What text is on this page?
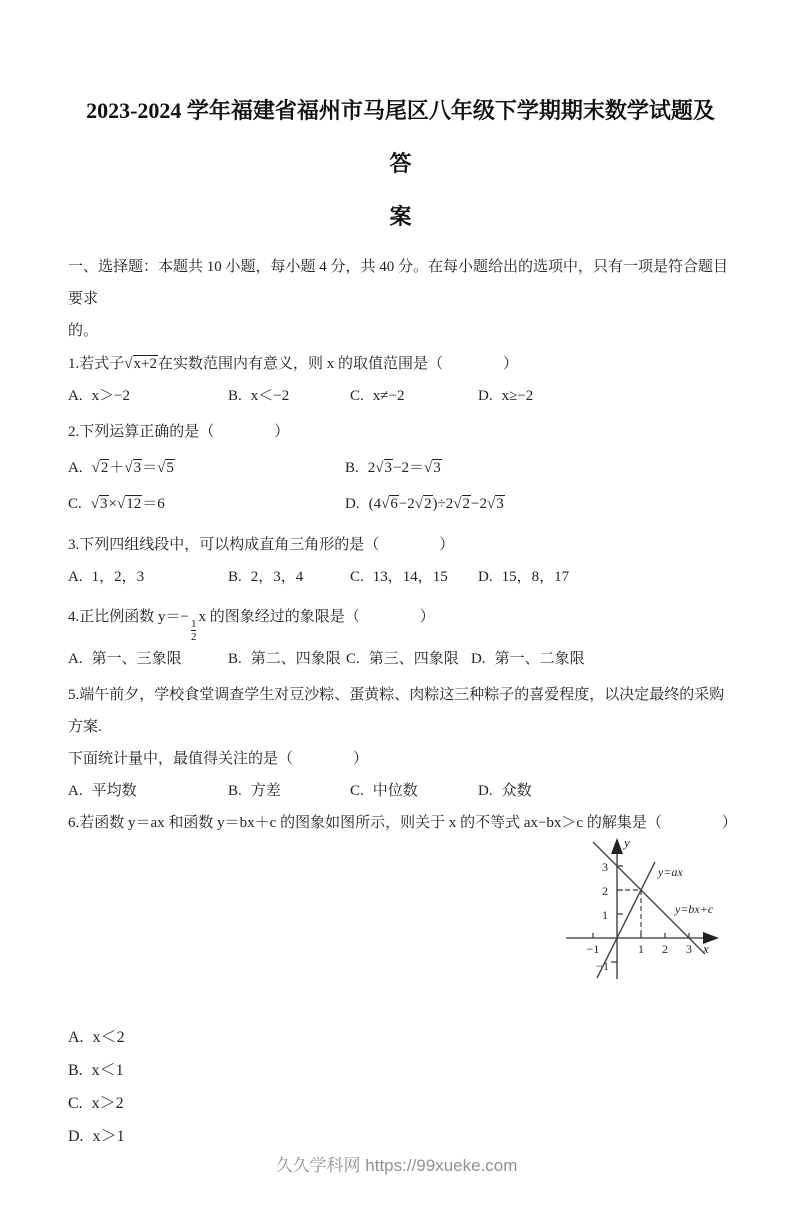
2023-2024 学年福建省福州市马尾区八年级下学期期末数学试题及答
案
一、选择题：本题共 10 小题，每小题 4 分，共 40 分。在每小题给出的选项中，只有一项是符合题目要求
的。
1.若式子√x+2在实数范围内有意义，则 x 的取值范围是（　　　　）
A. x＞−2	B. x＜−2	C. x≠−2	D. x≥−2
2.下列运算正确的是（　　　　）
A. √2＋√3＝√5	B. 2√3−2＝√3
C. √3×√12＝6	D. (4√6−2√2)÷2√2−2√3
3.下列四组线段中，可以构成直角三角形的是（　　　　）
A. 1，2，3	B. 2，3，4	C. 13，14，15	D. 15，8，17
4.正比例函数 y＝−
$\frac{1}{2}$
x 的图象经过的象限是（　　　　）
A. 第一、三象限	B. 第二、四象限 C. 第三、四象限 D. 第一、二象限
5.端午前夕，学校食堂调查学生对豆沙粽、蛋黄粽、肉粽这三种粽子的喜爱程度，以决定最终的采购方案.
下面统计量中，最值得关注的是（　　　　）
A. 平均数	B. 方差	C. 中位数	D. 众数
6.若函数 y＝ax 和函数 y＝bx＋c 的图象如图所示，则关于 x 的不等式 ax−bx＞c 的解集是（　　　　）
3
2
1
−1	1 2 3
−1
y
x
y=ax
y=bx+c
A. x＜2
B. x＜1
C. x＞2
D. x＞1
久久学科网 https://99xueke.com
